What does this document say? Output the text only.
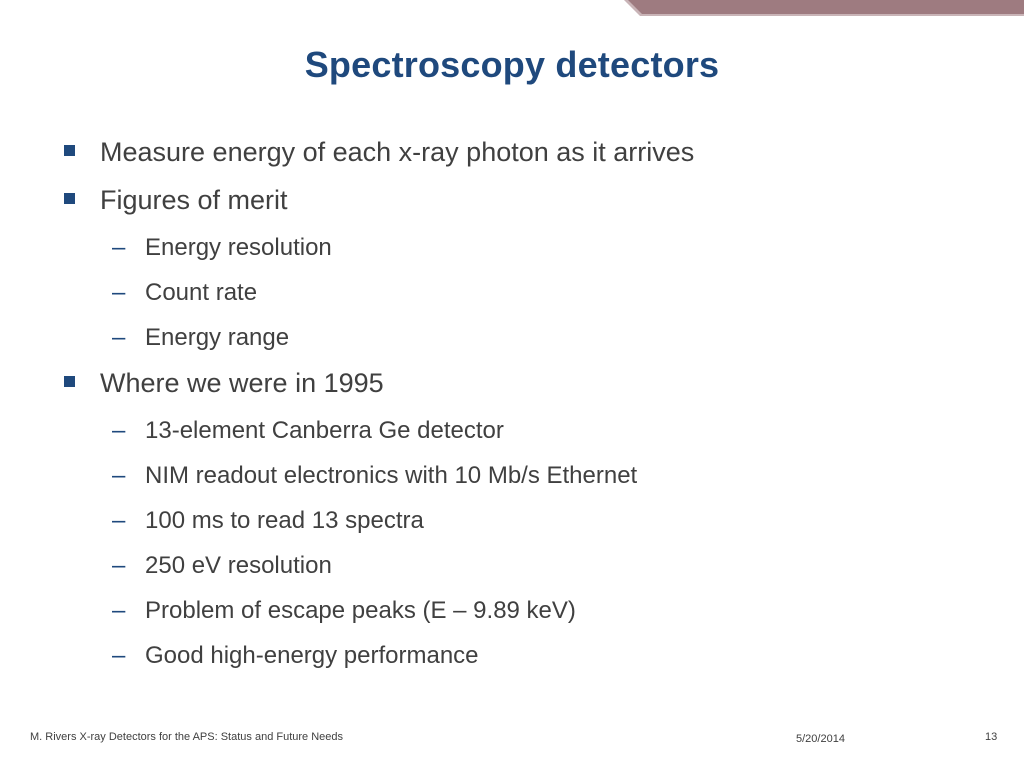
Spectroscopy detectors
Measure energy of each x-ray photon as it arrives
Figures of merit
– Energy resolution
– Count rate
– Energy range
Where we were in 1995
– 13-element Canberra Ge detector
– NIM readout electronics with 10 Mb/s Ethernet
– 100 ms to read 13 spectra
– 250 eV resolution
– Problem of escape peaks (E – 9.89 keV)
– Good high-energy performance
M. Rivers X-ray Detectors for the APS: Status and Future Needs	5/20/2014	13
